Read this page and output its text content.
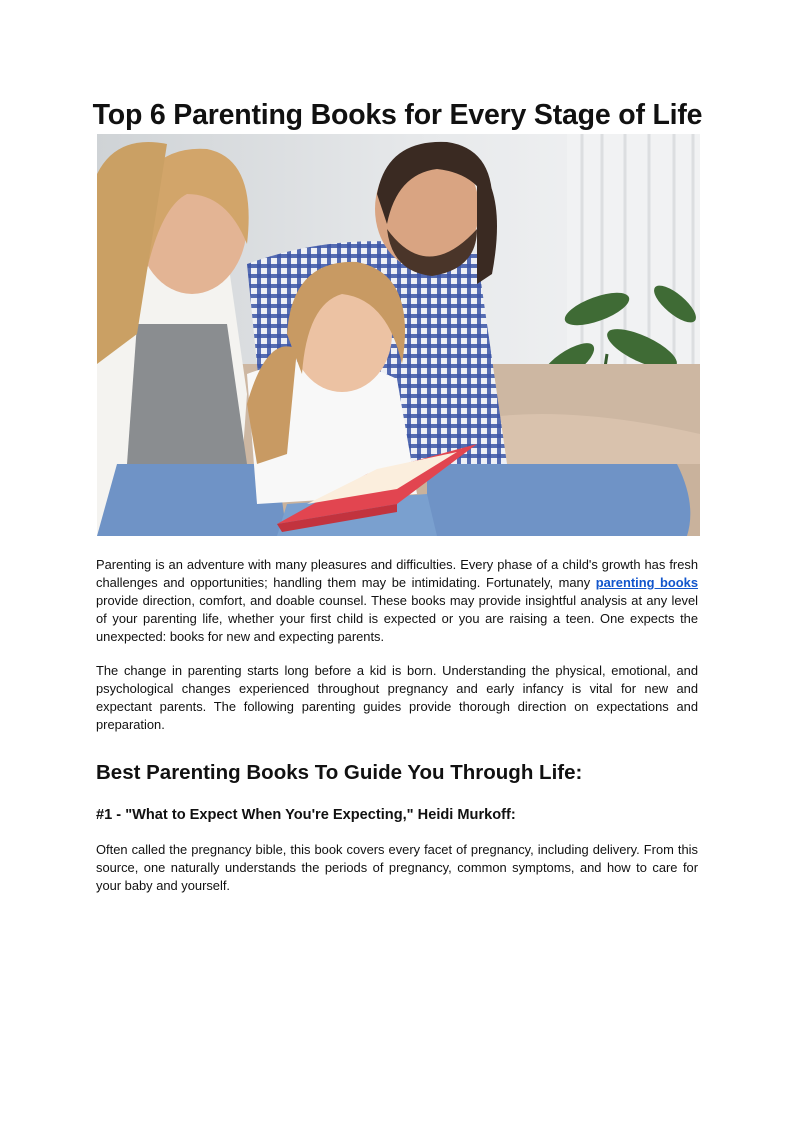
Top 6 Parenting Books for Every Stage of Life

Parenting is an adventure with many pleasures and difficulties. Every phase of a child's growth has fresh challenges and opportunities; handling them may be intimidating. Fortunately, many parenting books provide direction, comfort, and doable counsel. These books may provide insightful analysis at any level of your parenting life, whether your first child is expected or you are raising a teen. One expects the unexpected: books for new and expecting parents.

The change in parenting starts long before a kid is born. Understanding the physical, emotional, and psychological changes experienced throughout pregnancy and early infancy is vital for new and expectant parents. The following parenting guides provide thorough direction on expectations and preparation.

Best Parenting Books To Guide You Through Life:
#1 - "What to Expect When You're Expecting," Heidi Murkoff:

Often called the pregnancy bible, this book covers every facet of pregnancy, including delivery. From this source, one naturally understands the periods of pregnancy, common symptoms, and how to care for your baby and yourself.
